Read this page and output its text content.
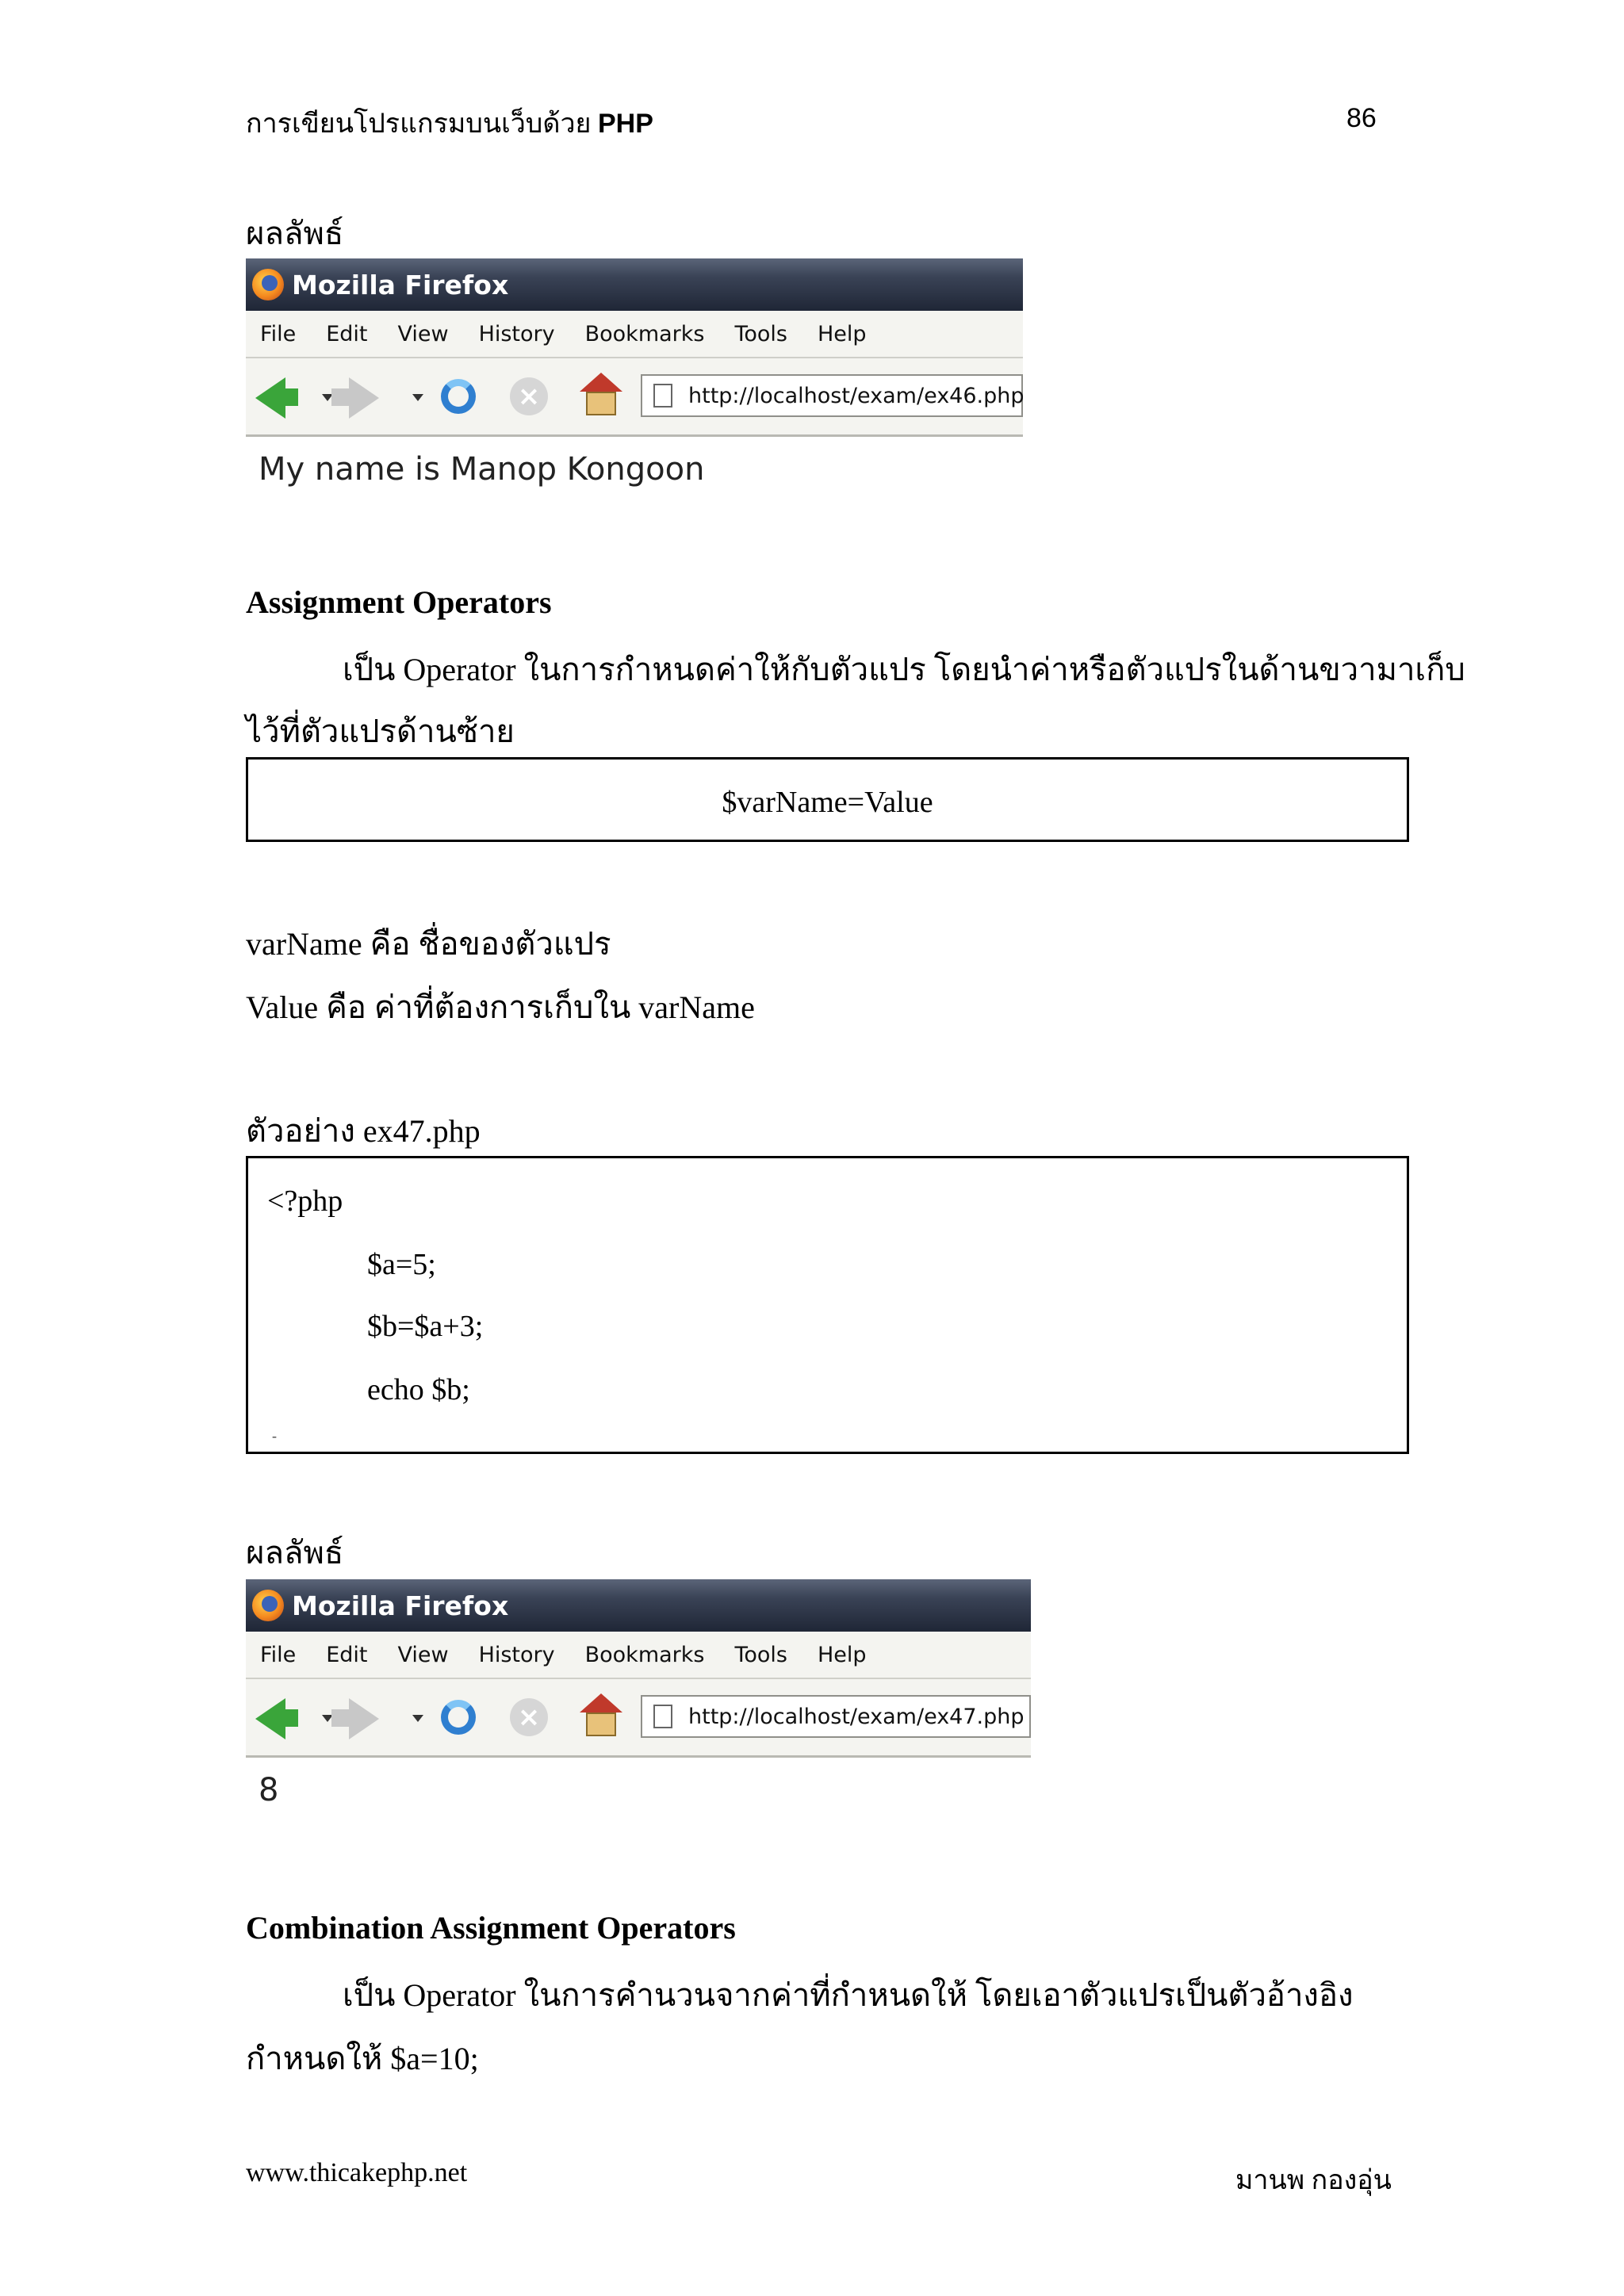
การเขียนโปรแกรมบนเว็บด้วย PHP	86
ผลลัพธ์
Mozilla Firefox
File Edit View History Bookmarks Tools Help
×	http://localhost/exam/ex46.php
My name is Manop Kongoon
Assignment Operators
เป็น Operator ในการกำหนดค่าให้กับตัวแปร โดยนำค่าหรือตัวแปรในด้านขวามาเก็บ
ไว้ที่ตัวแปรด้านซ้าย
$varName=Value
varName คือ ชื่อของตัวแปร
Value คือ ค่าที่ต้องการเก็บใน varName
ตัวอย่าง ex47.php
<?php
$a=5;
$b=$a+3;
echo $b;
-
ผลลัพธ์
Mozilla Firefox
File Edit View History Bookmarks Tools Help
×	http://localhost/exam/ex47.php
8
Combination Assignment Operators
เป็น Operator ในการคำนวนจากค่าที่กำหนดให้ โดยเอาตัวแปรเป็นตัวอ้างอิง
กำหนดให้ $a=10;
www.thicakephp.net	มานพ กองอุ่น
